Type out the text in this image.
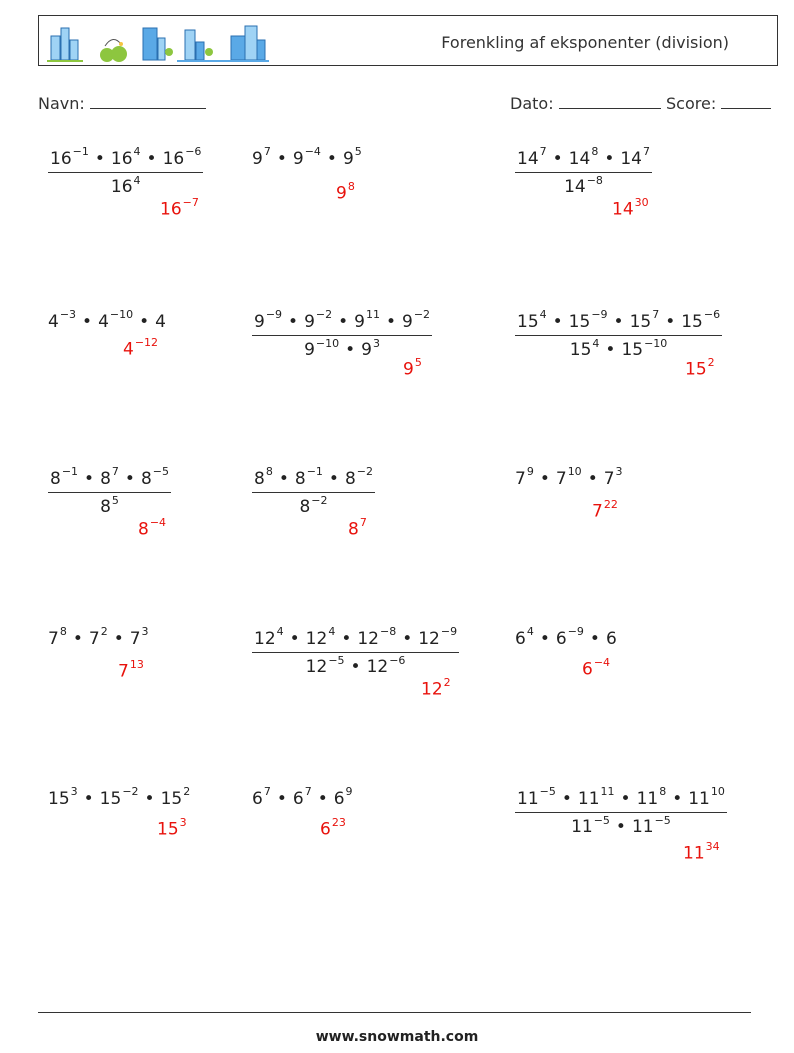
Forenkling af eksponenter (division)
Navn:	Dato:	Score:
$\frac{16^{-1} • 16^4 • 16^{-6}}{16^4}$
$16^{-7}$
$9^7$ • $9^{-4}$ • $9^5$
$9^8$	$\frac{14^7 • 14^8 • 14^7}{14^{-8}}$
$14^{30}$
$4^{-3}$ • $4^{-10}$ • 4
$4^{-12}$	$\frac{9^{-9} • 9^{-2} • 9^{11} • 9^{-2}}{9^{-10} • 9^3}$
$9^5$
$\frac{15^4 • 15^{-9} • 15^7 • 15^{-6}}{15^4 • 15^{-10}}$
$15^2$
$\frac{8^{-1} • 8^7 • 8^{-5}}{8^5}$
$8^{-4}$
$\frac{8^8 • 8^{-1} • 8^{-2}}{8^{-2}}$
$8^7$
$7^9$ • $7^{10}$ • $7^3$
$7^{22}$
$7^8$ • $7^2$ • $7^3$
$7^{13}$	$\frac{12^4 • 12^4 • 12^{-8} • 12^{-9}}{12^{-5} • 12^{-6}}$
$12^2$
$6^4$ • $6^{-9}$ • 6
$6^{-4}$
$15^3$ • $15^{-2}$ • $15^2$
$15^3$
$6^7$ • $6^7$ • $6^9$
$6^{23}$	$\frac{11^{-5} • 11^{11} • 11^8 • 11^{10}}{11^{-5} • 11^{-5}}$
$11^{34}$
www.snowmath.com
